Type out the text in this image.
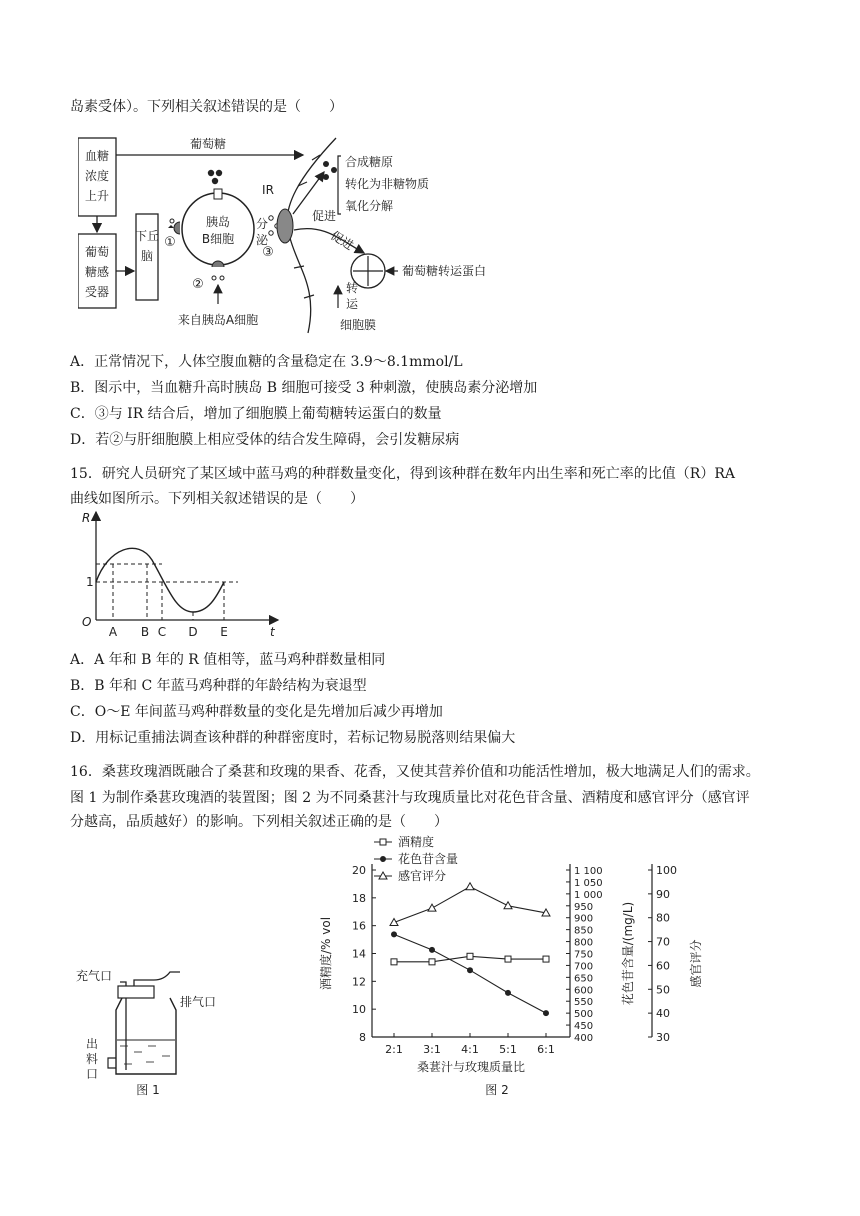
岛素受体）。下列相关叙述错误的是（　　）
血糖
浓度
上升
葡萄
糖感
受器
下丘
脑
葡萄糖
胰岛
B细胞
①
②
来自胰岛A细胞
分
泌
③
IR
促进
促进
合成糖原
转化为非糖物质
氧化分解
葡萄糖转运蛋白
转
运
细胞膜
A．正常情况下，人体空腹血糖的含量稳定在 3.9～8.1mmol/L
B．图示中，当血糖升高时胰岛 B 细胞可接受 3 种刺激，使胰岛素分泌增加
C．③与 IR 结合后，增加了细胞膜上葡萄糖转运蛋白的数量
D．若②与肝细胞膜上相应受体的结合发生障碍，会引发糖尿病
15．研究人员研究了某区域中蓝马鸡的种群数量变化，得到该种群在数年内出生率和死亡率的比值（R）RA
曲线如图所示。下列相关叙述错误的是（　　）
R
t
O
1
A B C D E
A．A 年和 B 年的 R 值相等，蓝马鸡种群数量相同
B．B 年和 C 年蓝马鸡种群的年龄结构为衰退型
C．O～E 年间蓝马鸡种群数量的变化是先增加后减少再增加
D．用标记重捕法调查该种群的种群密度时，若标记物易脱落则结果偏大
16．桑葚玫瑰酒既融合了桑葚和玫瑰的果香、花香，又使其营养价值和功能活性增加，极大地满足人们的需求。
图 1 为制作桑葚玫瑰酒的装置图；图 2 为不同桑葚汁与玫瑰质量比对花色苷含量、酒精度和感官评分（感官评
分越高，品质越好）的影响。下列相关叙述正确的是（　　）
充气口
排气口
出
料
口
图 1
8
10
12
14
16
18
20
400
450
500
550
600
650
700
750
800
850
900
950
1 000
1 050
1 100
30
40
50
60
70
80
90
100
2:1 3:1 4:1 5:1 6:1
桑葚汁与玫瑰质量比
酒精度/% vol	花色苷含量/(mg/L)	感官评分
酒精度
花色苷含量
感官评分
图 2
